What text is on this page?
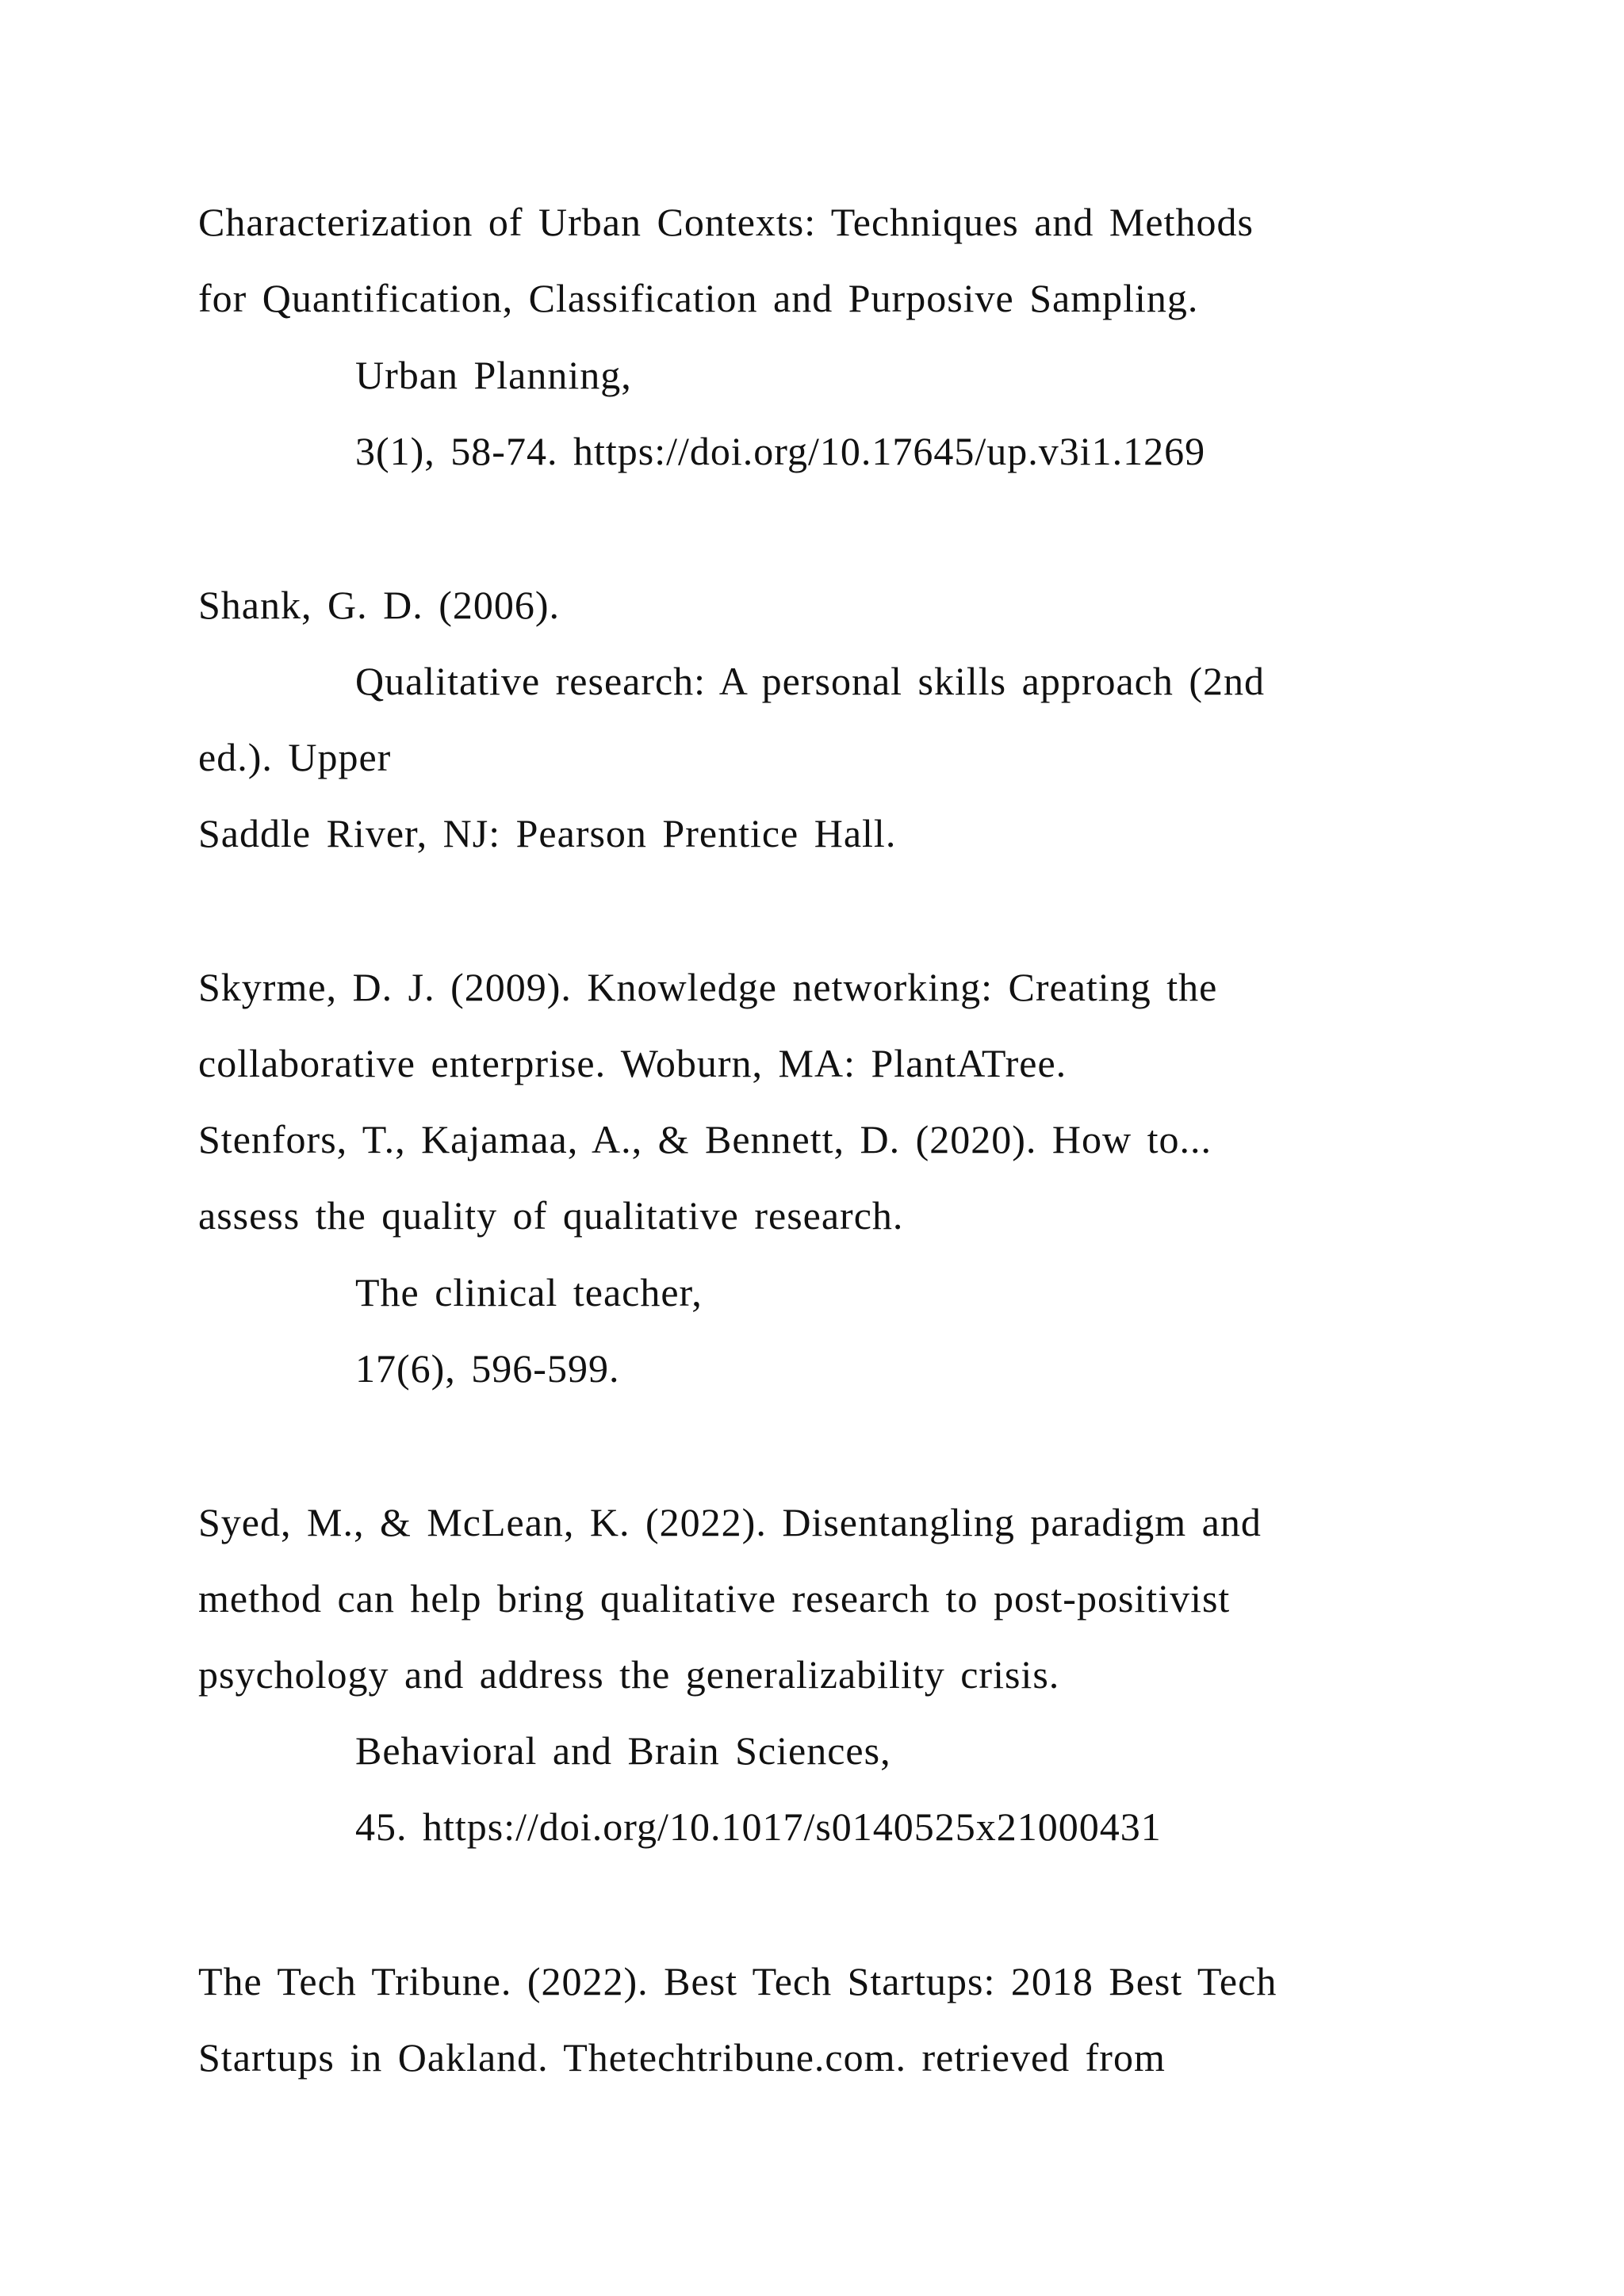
Characterization of Urban Contexts: Techniques and Methods
for Quantification, Classification and Purposive Sampling.
Urban Planning,
3(1), 58-74. https://doi.org/10.17645/up.v3i1.1269
Shank, G. D. (2006).
Qualitative research: A personal skills approach (2nd
ed.). Upper
Saddle River, NJ: Pearson Prentice Hall.
Skyrme, D. J. (2009). Knowledge networking: Creating the
collaborative enterprise. Woburn, MA: PlantATree.
Stenfors, T., Kajamaa, A., & Bennett, D. (2020). How to...
assess the quality of qualitative research.
The clinical teacher,
17(6), 596-599.
Syed, M., & McLean, K. (2022). Disentangling paradigm and
method can help bring qualitative research to post-positivist
psychology and address the generalizability crisis.
Behavioral and Brain Sciences,
45. https://doi.org/10.1017/s0140525x21000431
The Tech Tribune. (2022). Best Tech Startups: 2018 Best Tech
Startups in Oakland. Thetechtribune.com. retrieved from
